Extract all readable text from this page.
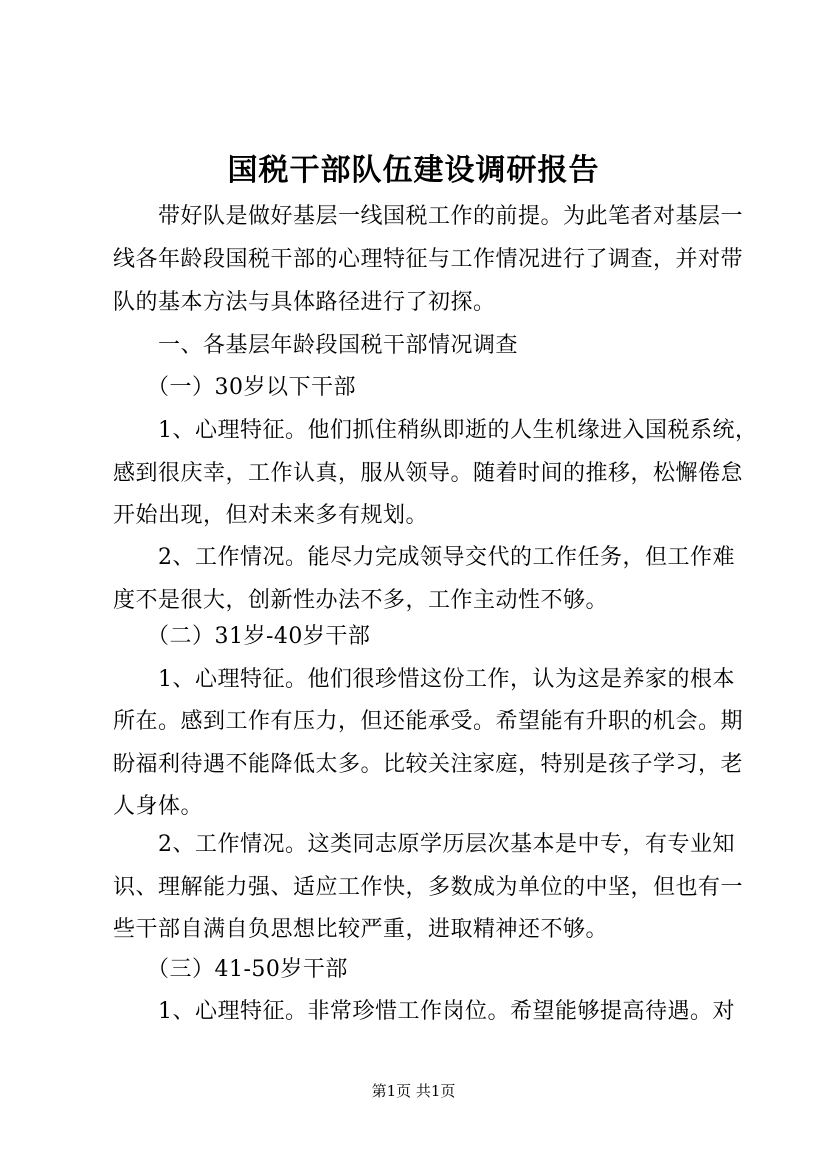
国税干部队伍建设调研报告
　　带好队是做好基层一线国税工作的前提。为此笔者对基层一
线各年龄段国税干部的心理特征与工作情况进行了调查，并对带
队的基本方法与具体路径进行了初探。
　　一、各基层年龄段国税干部情况调查
　　（一）30岁以下干部
　　1、心理特征。他们抓住稍纵即逝的人生机缘进入国税系统，
感到很庆幸，工作认真，服从领导。随着时间的推移，松懈倦怠
开始出现，但对未来多有规划。
　　2、工作情况。能尽力完成领导交代的工作任务，但工作难
度不是很大，创新性办法不多，工作主动性不够。
　　（二）31岁-40岁干部
　　1、心理特征。他们很珍惜这份工作，认为这是养家的根本
所在。感到工作有压力，但还能承受。希望能有升职的机会。期
盼福利待遇不能降低太多。比较关注家庭，特别是孩子学习，老
人身体。
　　2、工作情况。这类同志原学历层次基本是中专，有专业知
识、理解能力强、适应工作快，多数成为单位的中坚，但也有一
些干部自满自负思想比较严重，进取精神还不够。
　　（三）41-50岁干部
　　1、心理特征。非常珍惜工作岗位。希望能够提高待遇。对
第1页 共1页
